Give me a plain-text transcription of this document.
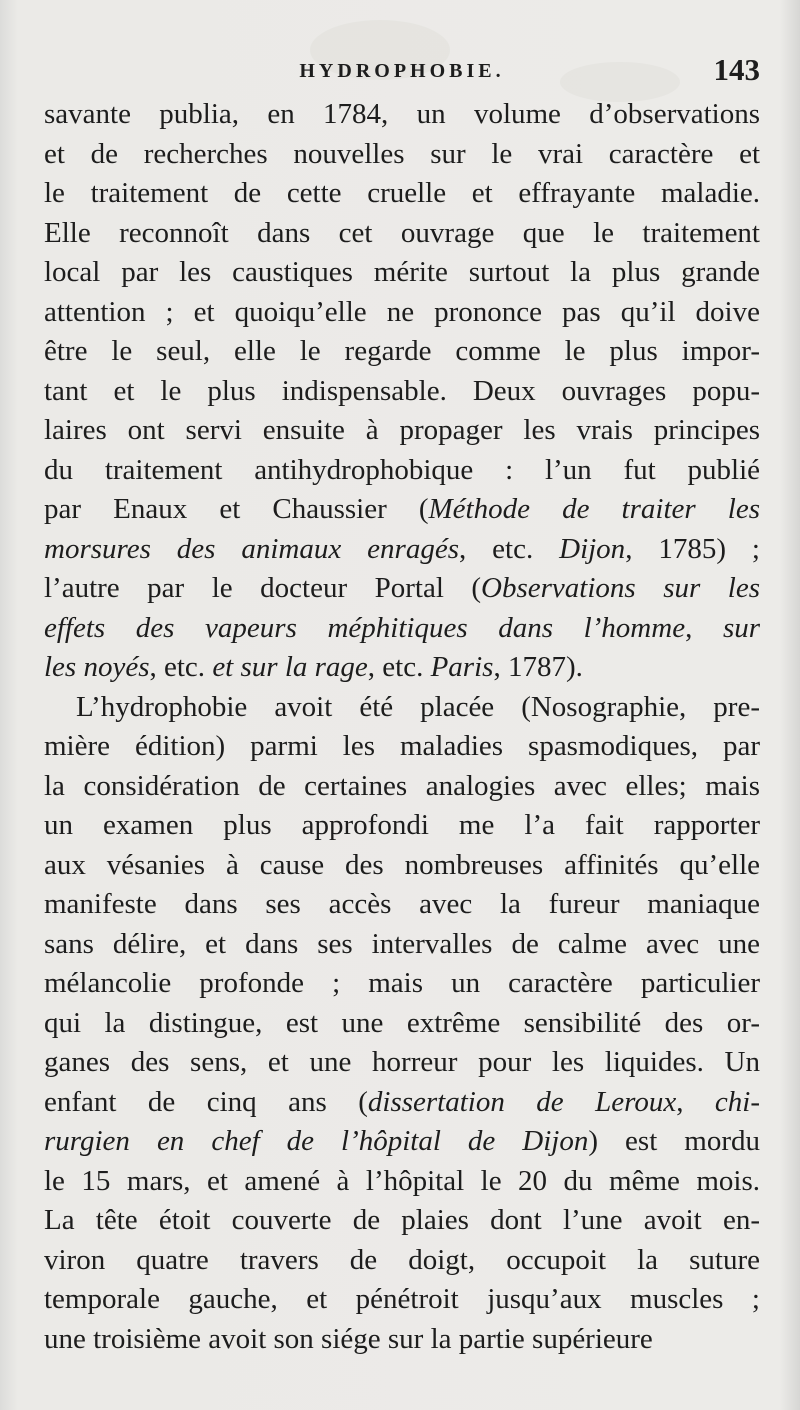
HYDROPHOBIE.	143
savante publia, en 1784, un volume d’observations
et de recherches nouvelles sur le vrai caractère et
le traitement de cette cruelle et effrayante maladie.
Elle reconnoît dans cet ouvrage que le traitement
local par les caustiques mérite surtout la plus grande
attention ; et quoiqu’elle ne prononce pas qu’il doive
être le seul, elle le regarde comme le plus impor-
tant et le plus indispensable. Deux ouvrages popu-
laires ont servi ensuite à propager les vrais principes
du traitement antihydrophobique : l’un fut publié
par Enaux et Chaussier (Méthode de traiter les
morsures des animaux enragés, etc. Dijon, 1785) ;
l’autre par le docteur Portal (Observations sur les
effets des vapeurs méphitiques dans l’homme, sur
les noyés, etc. et sur la rage, etc. Paris, 1787).
L’hydrophobie avoit été placée (Nosographie, pre-
mière édition) parmi les maladies spasmodiques, par
la considération de certaines analogies avec elles; mais
un examen plus approfondi me l’a fait rapporter
aux vésanies à cause des nombreuses affinités qu’elle
manifeste dans ses accès avec la fureur maniaque
sans délire, et dans ses intervalles de calme avec une
mélancolie profonde ; mais un caractère particulier
qui la distingue, est une extrême sensibilité des or-
ganes des sens, et une horreur pour les liquides. Un
enfant de cinq ans (dissertation de Leroux, chi-
rurgien en chef de l’hôpital de Dijon) est mordu
le 15 mars, et amené à l’hôpital le 20 du même mois.
La tête étoit couverte de plaies dont l’une avoit en-
viron quatre travers de doigt, occupoit la suture
temporale gauche, et pénétroit jusqu’aux muscles ;
une troisième avoit son siége sur la partie supérieure
